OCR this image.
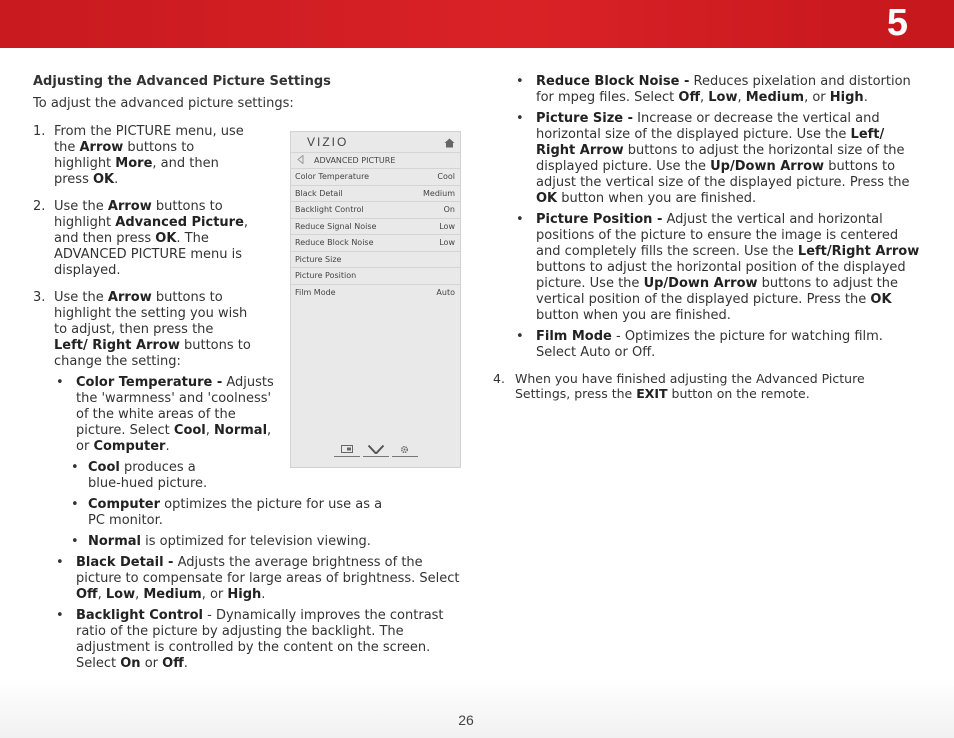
5
Adjusting the Advanced Picture Settings

To adjust the advanced picture settings:

1. From the PICTURE menu, use the Arrow buttons to highlight More, and then press OK.
2. Use the Arrow buttons to highlight Advanced Picture, and then press OK. The ADVANCED PICTURE menu is displayed.
3. Use the Arrow buttons to highlight the setting you wish to adjust, then press the Left/ Right Arrow buttons to change the setting:
• Color Temperature - Adjusts the 'warmness' and 'coolness' of the white areas of the picture. Select Cool, Normal, or Computer.
• Cool produces a blue-hued picture.
• Computer optimizes the picture for use as a PC monitor.
• Normal is optimized for television viewing.
• Black Detail - Adjusts the average brightness of the picture to compensate for large areas of brightness. Select Off, Low, Medium, or High.
• Backlight Control - Dynamically improves the contrast ratio of the picture by adjusting the backlight. The adjustment is controlled by the content on the screen. Select On or Off.
•
VIZIO
ADVANCED PICTURE
Color Temperature	Cool
Black Detail	Medium
Backlight Control	On
Reduce Signal Noise	Low
Reduce Block Noise	Low
Picture Size
Picture Position
Film Mode	Auto
• Reduce Block Noise - Reduces pixelation and distortion for mpeg files. Select Off, Low, Medium, or High.
• Picture Size - Increase or decrease the vertical and horizontal size of the displayed picture. Use the Left/ Right Arrow buttons to adjust the horizontal size of the displayed picture. Use the Up/Down Arrow buttons to adjust the vertical size of the displayed picture. Press the OK button when you are finished.
• Picture Position - Adjust the vertical and horizontal positions of the picture to ensure the image is centered and completely fills the screen. Use the Left/Right Arrow buttons to adjust the horizontal position of the displayed picture. Use the Up/Down Arrow buttons to adjust the vertical position of the displayed picture. Press the OK button when you are finished.
• Film Mode - Optimizes the picture for watching film. Select Auto or Off.
4. When you have finished adjusting the Advanced Picture Settings, press the EXIT button on the remote.
26
